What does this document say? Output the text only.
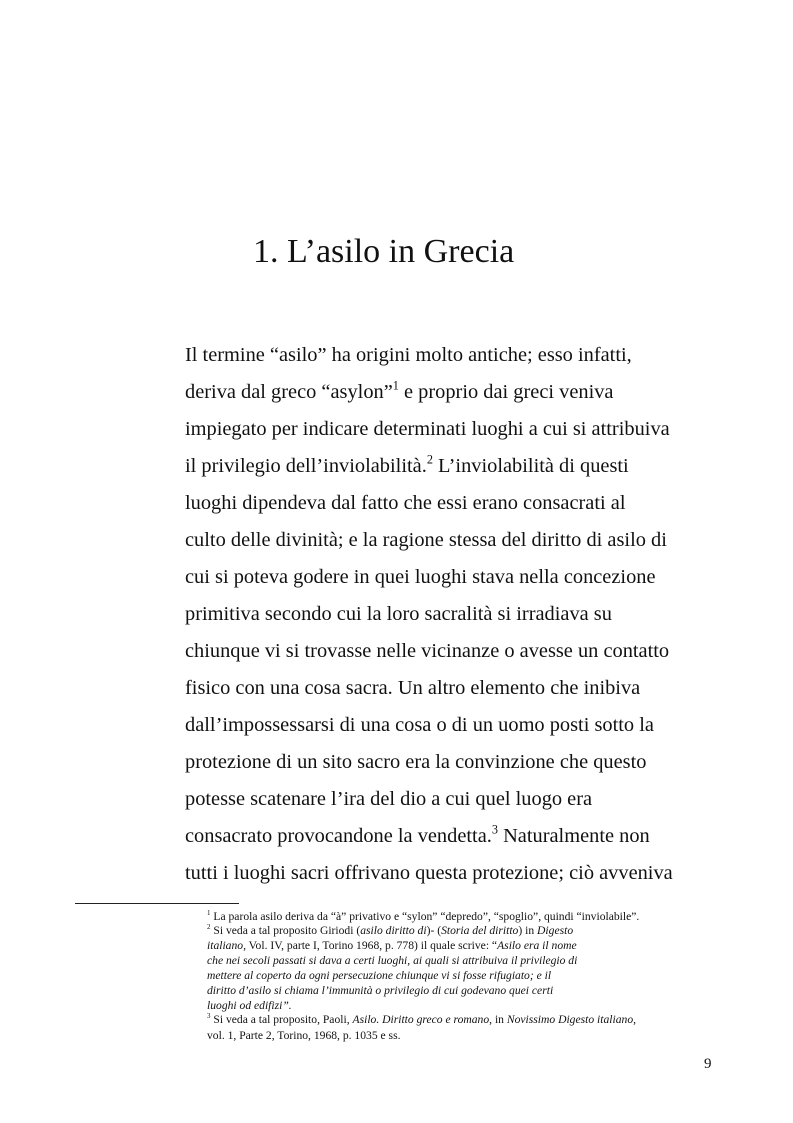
1. L’asilo in Grecia
Il termine “asilo” ha origini molto antiche; esso infatti,
deriva dal greco “asylon”$^1$ e proprio dai greci veniva
impiegato per indicare determinati luoghi a cui si attribuiva
il privilegio dell’inviolabilità.$^2$ L’inviolabilità di questi
luoghi dipendeva dal fatto che essi erano consacrati al
culto delle divinità; e la ragione stessa del diritto di asilo di
cui si poteva godere in quei luoghi stava nella concezione
primitiva secondo cui la loro sacralità si irradiava su
chiunque vi si trovasse nelle vicinanze o avesse un contatto
fisico con una cosa sacra. Un altro elemento che inibiva
dall’impossessarsi di una cosa o di un uomo posti sotto la
protezione di un sito sacro era la convinzione che questo
potesse scatenare l’ira del dio a cui quel luogo era
consacrato provocandone la vendetta.$^3$ Naturalmente non
tutti i luoghi sacri offrivano questa protezione; ciò avveniva
$^1$ La parola asilo deriva da “à” privativo e “sylon” “depredo”, “spoglio”, quindi “inviolabile”.
$^2$ Si veda a tal proposito Giriodi (asilo diritto di)- (Storia del diritto) in Digesto
italiano, Vol. IV, parte I, Torino 1968, p. 778) il quale scrive: “Asilo era il nome
che nei secoli passati si dava a certi luoghi, ai quali si attribuiva il privilegio di
mettere al coperto da ogni persecuzione chiunque vi si fosse rifugiato; e il
diritto d’asilo si chiama l’immunità o privilegio di cui godevano quei certi
luoghi od edifizi”.
$^3$ Si veda a tal proposito, Paoli, Asilo. Diritto greco e romano, in Novissimo Digesto italiano,
vol. 1, Parte 2, Torino, 1968, p. 1035 e ss.
9
